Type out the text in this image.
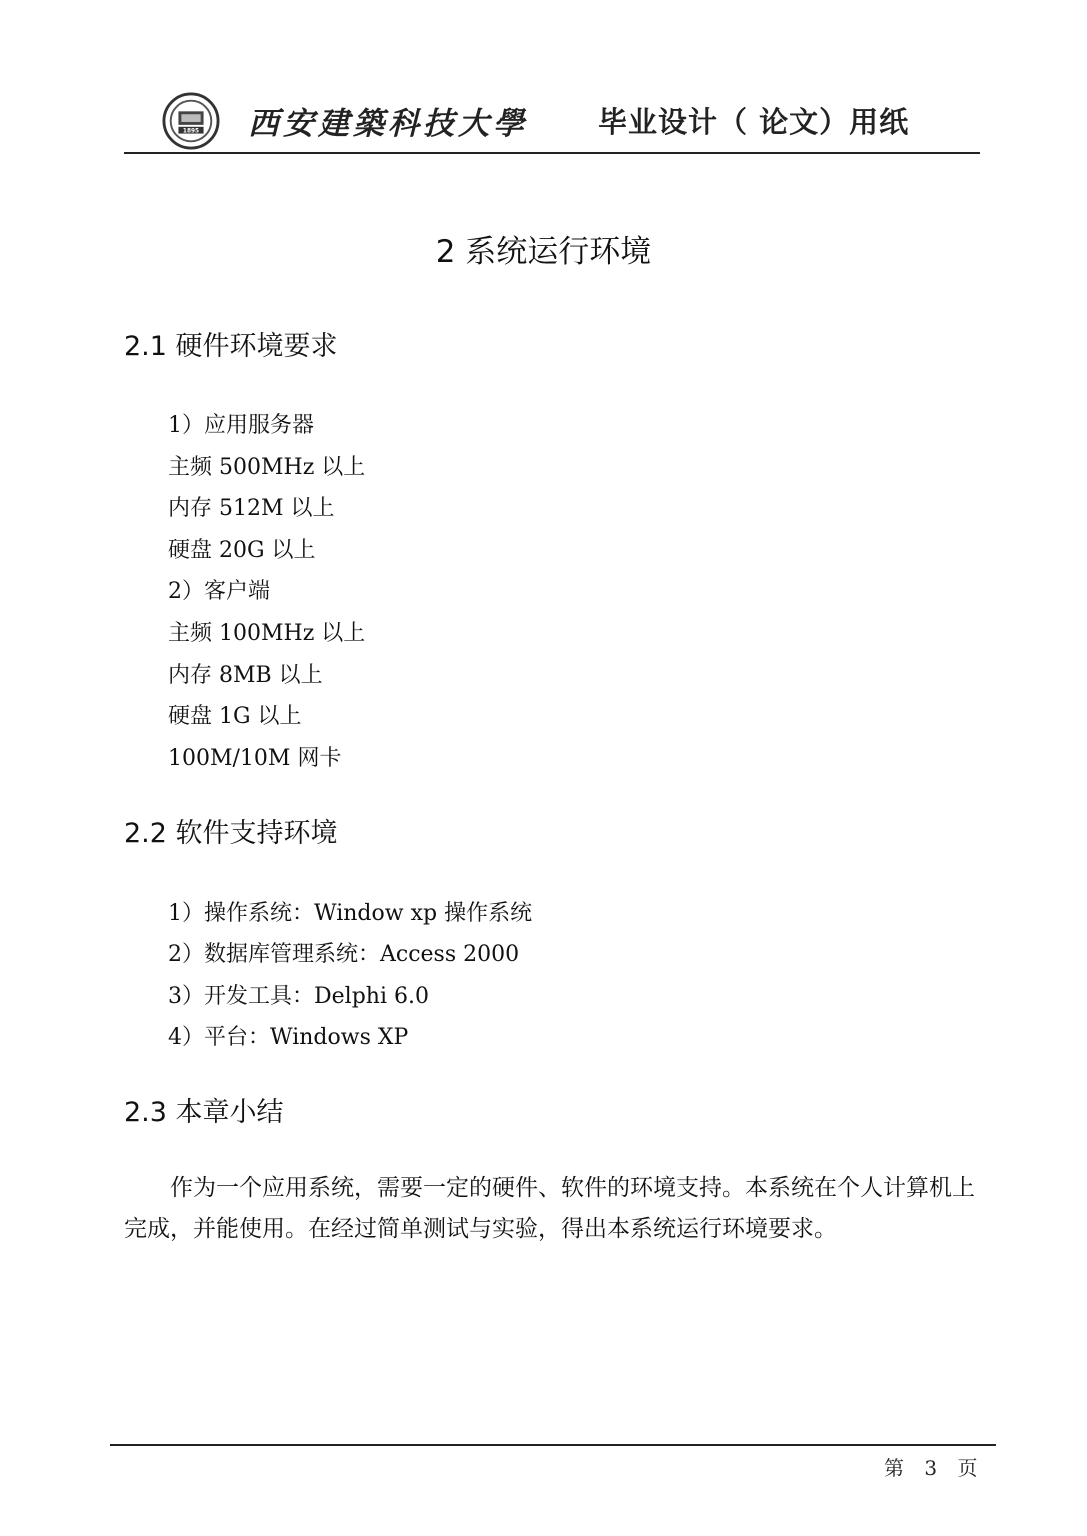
1895 西安建築科技大學 毕业设计（ 论文）用纸
2 系统运行环境
2.1 硬件环境要求
1）应用服务器
主频 500MHz 以上
内存 512M 以上
硬盘 20G 以上
2）客户端
主频 100MHz 以上
内存 8MB 以上
硬盘 1G 以上
100M/10M 网卡
2.2 软件支持环境
1）操作系统：Window xp 操作系统
2）数据库管理系统：Access 2000
3）开发工具：Delphi 6.0
4）平台：Windows XP
2.3 本章小结
作为一个应用系统，需要一定的硬件、软件的环境支持。本系统在个人计算机上完成，并能使用。在经过简单测试与实验，得出本系统运行环境要求。
第 3 页
